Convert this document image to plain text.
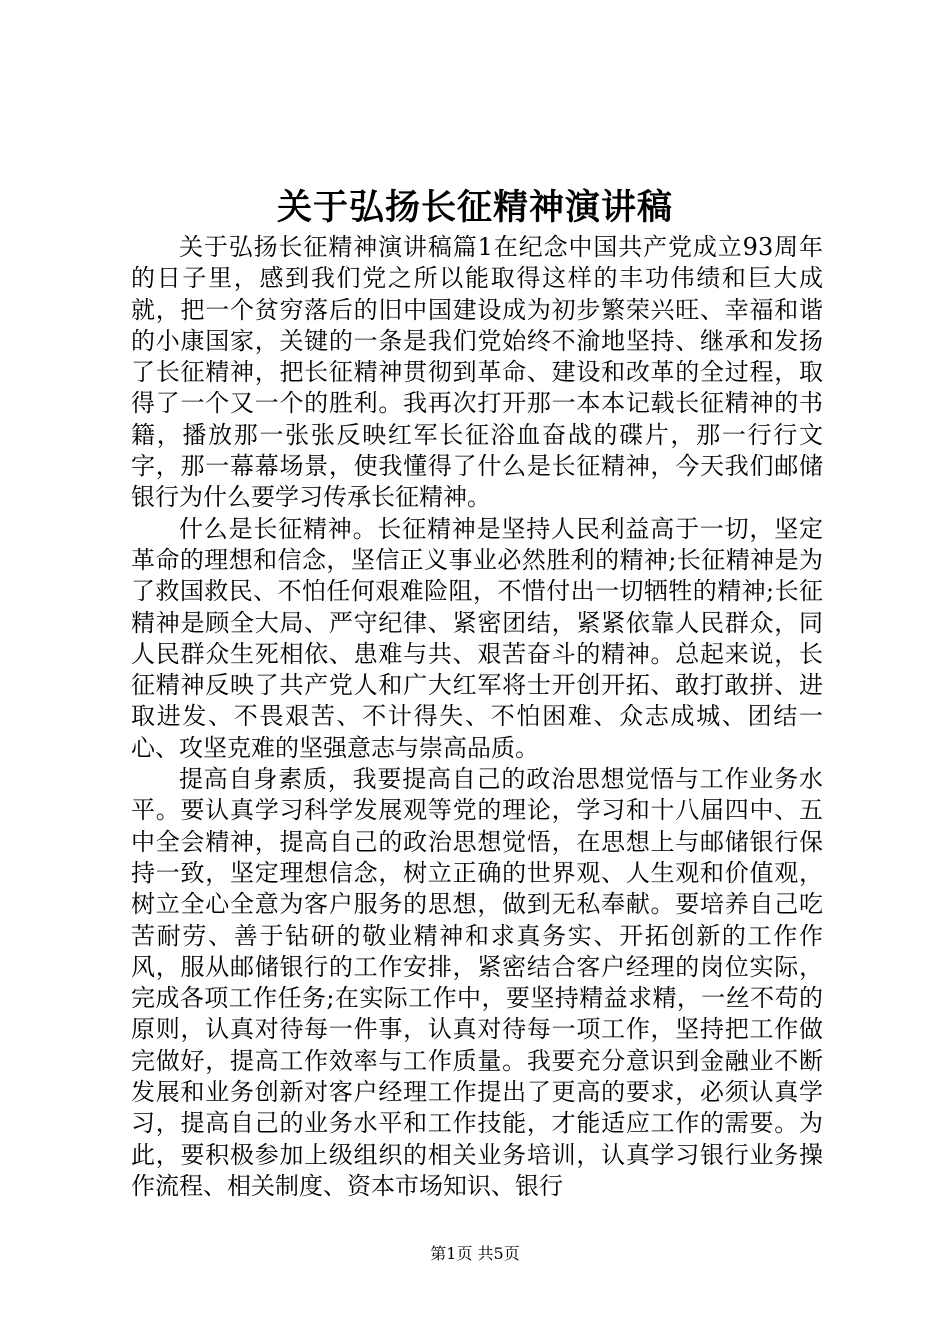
关于弘扬长征精神演讲稿

关于弘扬长征精神演讲稿篇1在纪念中国共产党成立93周年的日子里，感到我们党之所以能取得这样的丰功伟绩和巨大成就，把一个贫穷落后的旧中国建设成为初步繁荣兴旺、幸福和谐的小康国家，关键的一条是我们党始终不渝地坚持、继承和发扬了长征精神，把长征精神贯彻到革命、建设和改革的全过程，取得了一个又一个的胜利。我再次打开那一本本记载长征精神的书籍，播放那一张张反映红军长征浴血奋战的碟片，那一行行文字，那一幕幕场景，使我懂得了什么是长征精神，今天我们邮储银行为什么要学习传承长征精神。

什么是长征精神。长征精神是坚持人民利益高于一切，坚定革命的理想和信念，坚信正义事业必然胜利的精神;长征精神是为了救国救民、不怕任何艰难险阻，不惜付出一切牺牲的精神;长征精神是顾全大局、严守纪律、紧密团结，紧紧依靠人民群众，同人民群众生死相依、患难与共、艰苦奋斗的精神。总起来说，长征精神反映了共产党人和广大红军将士开创开拓、敢打敢拼、进取进发、不畏艰苦、不计得失、不怕困难、众志成城、团结一心、攻坚克难的坚强意志与崇高品质。

提高自身素质，我要提高自己的政治思想觉悟与工作业务水平。要认真学习科学发展观等党的理论，学习和十八届四中、五中全会精神，提高自己的政治思想觉悟，在思想上与邮储银行保持一致，坚定理想信念，树立正确的世界观、人生观和价值观，树立全心全意为客户服务的思想，做到无私奉献。要培养自己吃苦耐劳、善于钻研的敬业精神和求真务实、开拓创新的工作作风，服从邮储银行的工作安排，紧密结合客户经理的岗位实际，完成各项工作任务;在实际工作中，要坚持精益求精，一丝不苟的原则，认真对待每一件事，认真对待每一项工作，坚持把工作做完做好，提高工作效率与工作质量。我要充分意识到金融业不断发展和业务创新对客户经理工作提出了更高的要求，必须认真学习，提高自己的业务水平和工作技能，才能适应工作的需要。为此，要积极参加上级组织的相关业务培训，认真学习银行业务操作流程、相关制度、资本市场知识、银行

第1页 共5页
